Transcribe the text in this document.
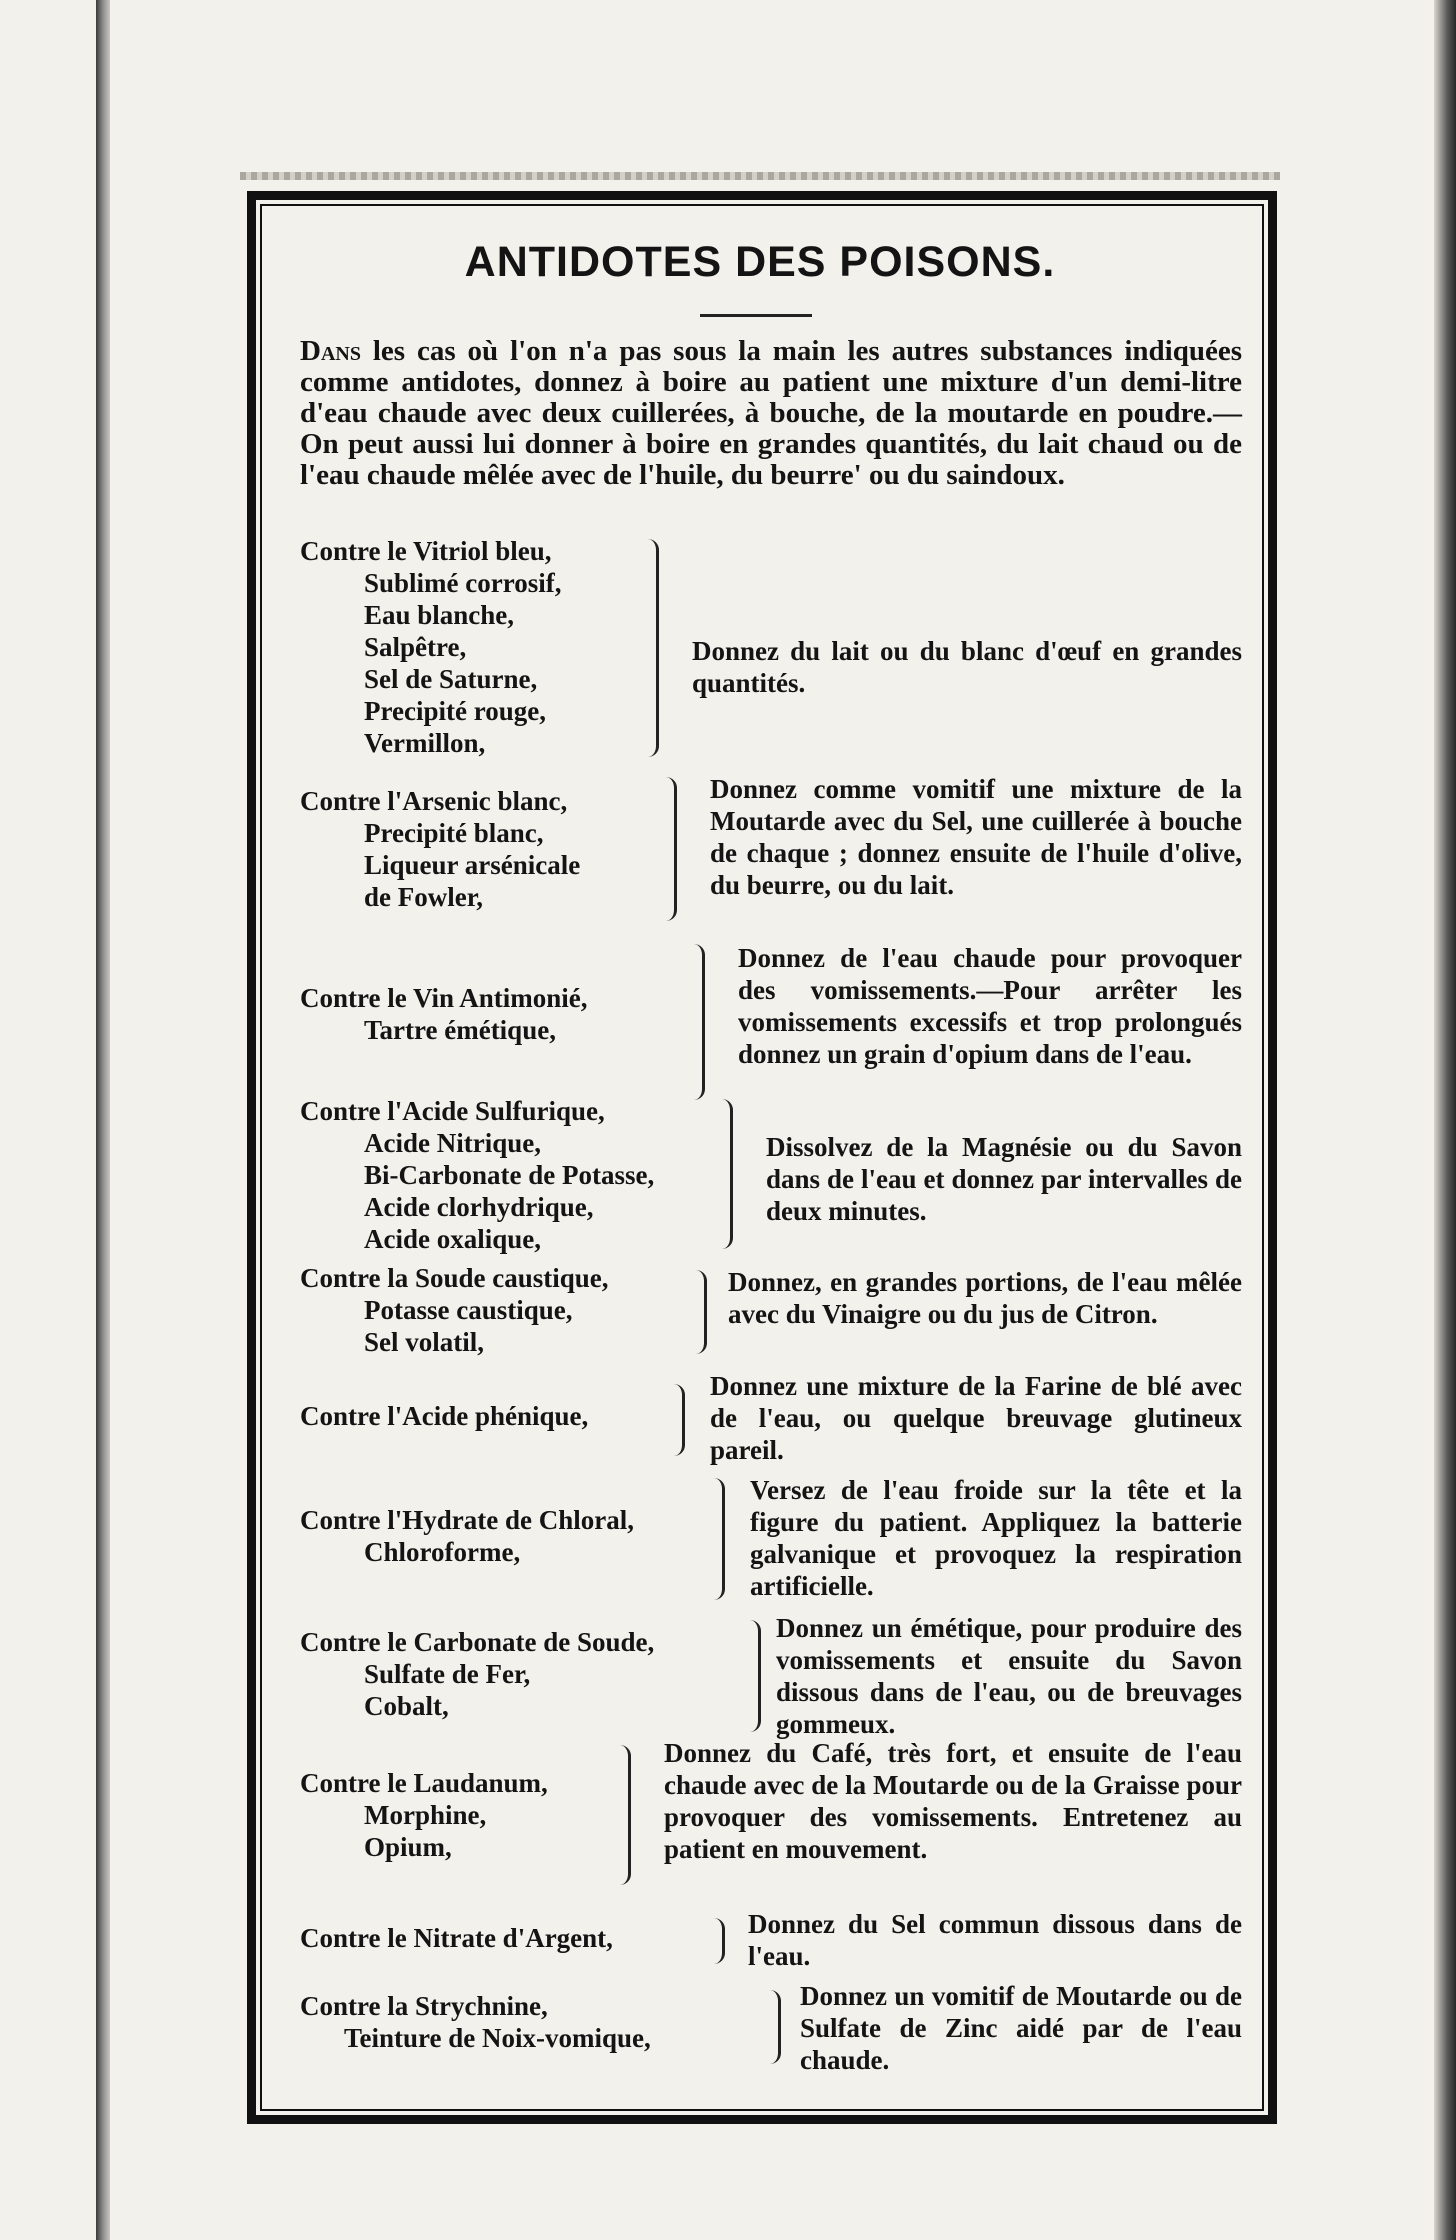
ANTIDOTES DES POISONS.

Dans les cas où l'on n'a pas sous la main les autres substances indiquées comme antidotes, donnez à boire au patient une mixture d'un demi-litre d'eau chaude avec deux cuillerées, à bouche, de la moutarde en poudre.—On peut aussi lui donner à boire en grandes quantités, du lait chaud ou de l'eau chaude mêlée avec de l'huile, du beurre' ou du saindoux.

Contre le Vitriol bleu,
Sublimé corrosif,
Eau blanche,
Salpêtre,
Sel de Saturne,
Precipité rouge,
Vermillon,
Donnez du lait ou du blanc d'œuf en grandes quantités.
Contre l'Arsenic blanc,
Precipité blanc,
Liqueur arsénicale
de Fowler,
Donnez comme vomitif une mixture de la Moutarde avec du Sel, une cuillerée à bouche de chaque ; donnez ensuite de l'huile d'olive, du beurre, ou du lait.
Contre le Vin Antimonié,
Tartre émétique,
Donnez de l'eau chaude pour provoquer des vomissements.—Pour arrêter les vomissements excessifs et trop prolongués donnez un grain d'opium dans de l'eau.
Contre l'Acide Sulfurique,
Acide Nitrique,
Bi-Carbonate de Potasse,
Acide clorhydrique,
Acide oxalique,
Dissolvez de la Magnésie ou du Savon dans de l'eau et donnez par intervalles de deux minutes.
Contre la Soude caustique,
Potasse caustique,
Sel volatil,
Donnez, en grandes portions, de l'eau mêlée avec du Vinaigre ou du jus de Citron.
Contre l'Acide phénique,
Donnez une mixture de la Farine de blé avec de l'eau, ou quelque breuvage glutineux pareil.
Contre l'Hydrate de Chloral,
Chloroforme,
Versez de l'eau froide sur la tête et la figure du patient. Appliquez la batterie galvanique et provoquez la respiration artificielle.
Contre le Carbonate de Soude,
Sulfate de Fer,
Cobalt,
Donnez un émétique, pour produire des vomissements et ensuite du Savon dissous dans de l'eau, ou de breuvages gommeux.
Contre le Laudanum,
Morphine,
Opium,
Donnez du Café, très fort, et ensuite de l'eau chaude avec de la Moutarde ou de la Graisse pour provoquer des vomissements. Entretenez au patient en mouvement.
Contre le Nitrate d'Argent,	Donnez du Sel commun dissous dans de l'eau.
Contre la Strychnine,
Teinture de Noix-vomique,
Donnez un vomitif de Moutarde ou de Sulfate de Zinc aidé par de l'eau chaude.
